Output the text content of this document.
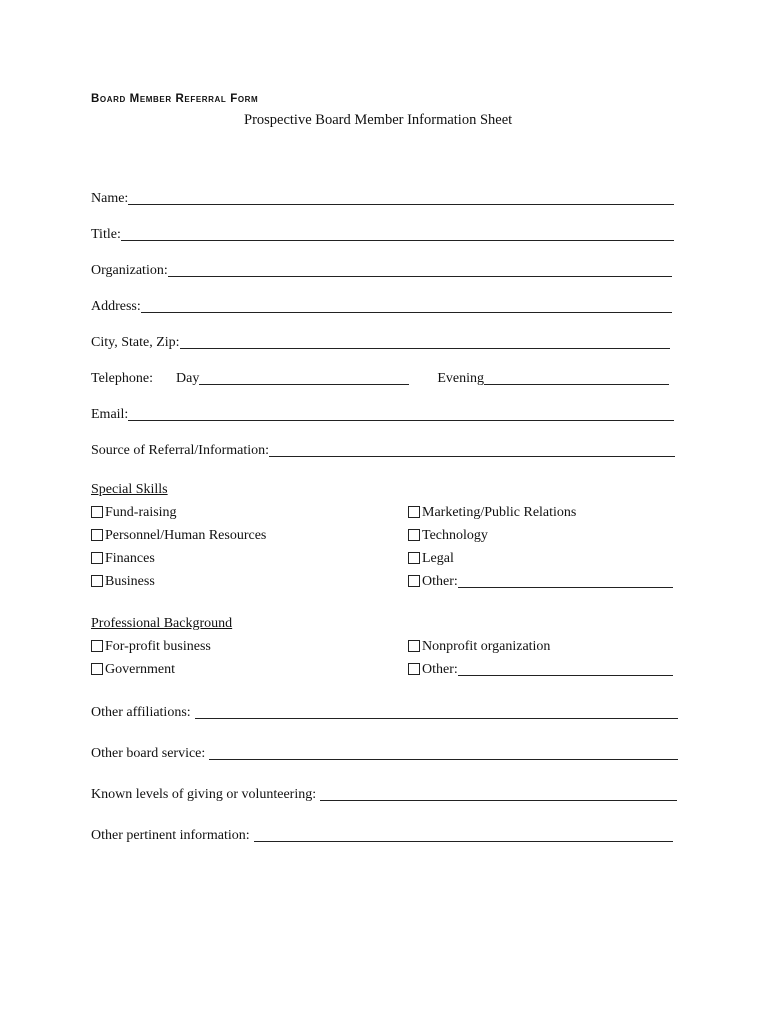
Board Member Referral Form
Prospective Board Member Information Sheet
Name:
Title:
Organization:
Address:
City, State, Zip:
Telephone: Day	Evening
Email:
Source of Referral/Information:
Special Skills
Fund-raising
Personnel/Human Resources
Finances
Business
Marketing/Public Relations
Technology
Legal
Other:
Professional Background
For-profit business
Government
Nonprofit organization
Other:
Other affiliations:
Other board service:
Known levels of giving or volunteering:
Other pertinent information:
